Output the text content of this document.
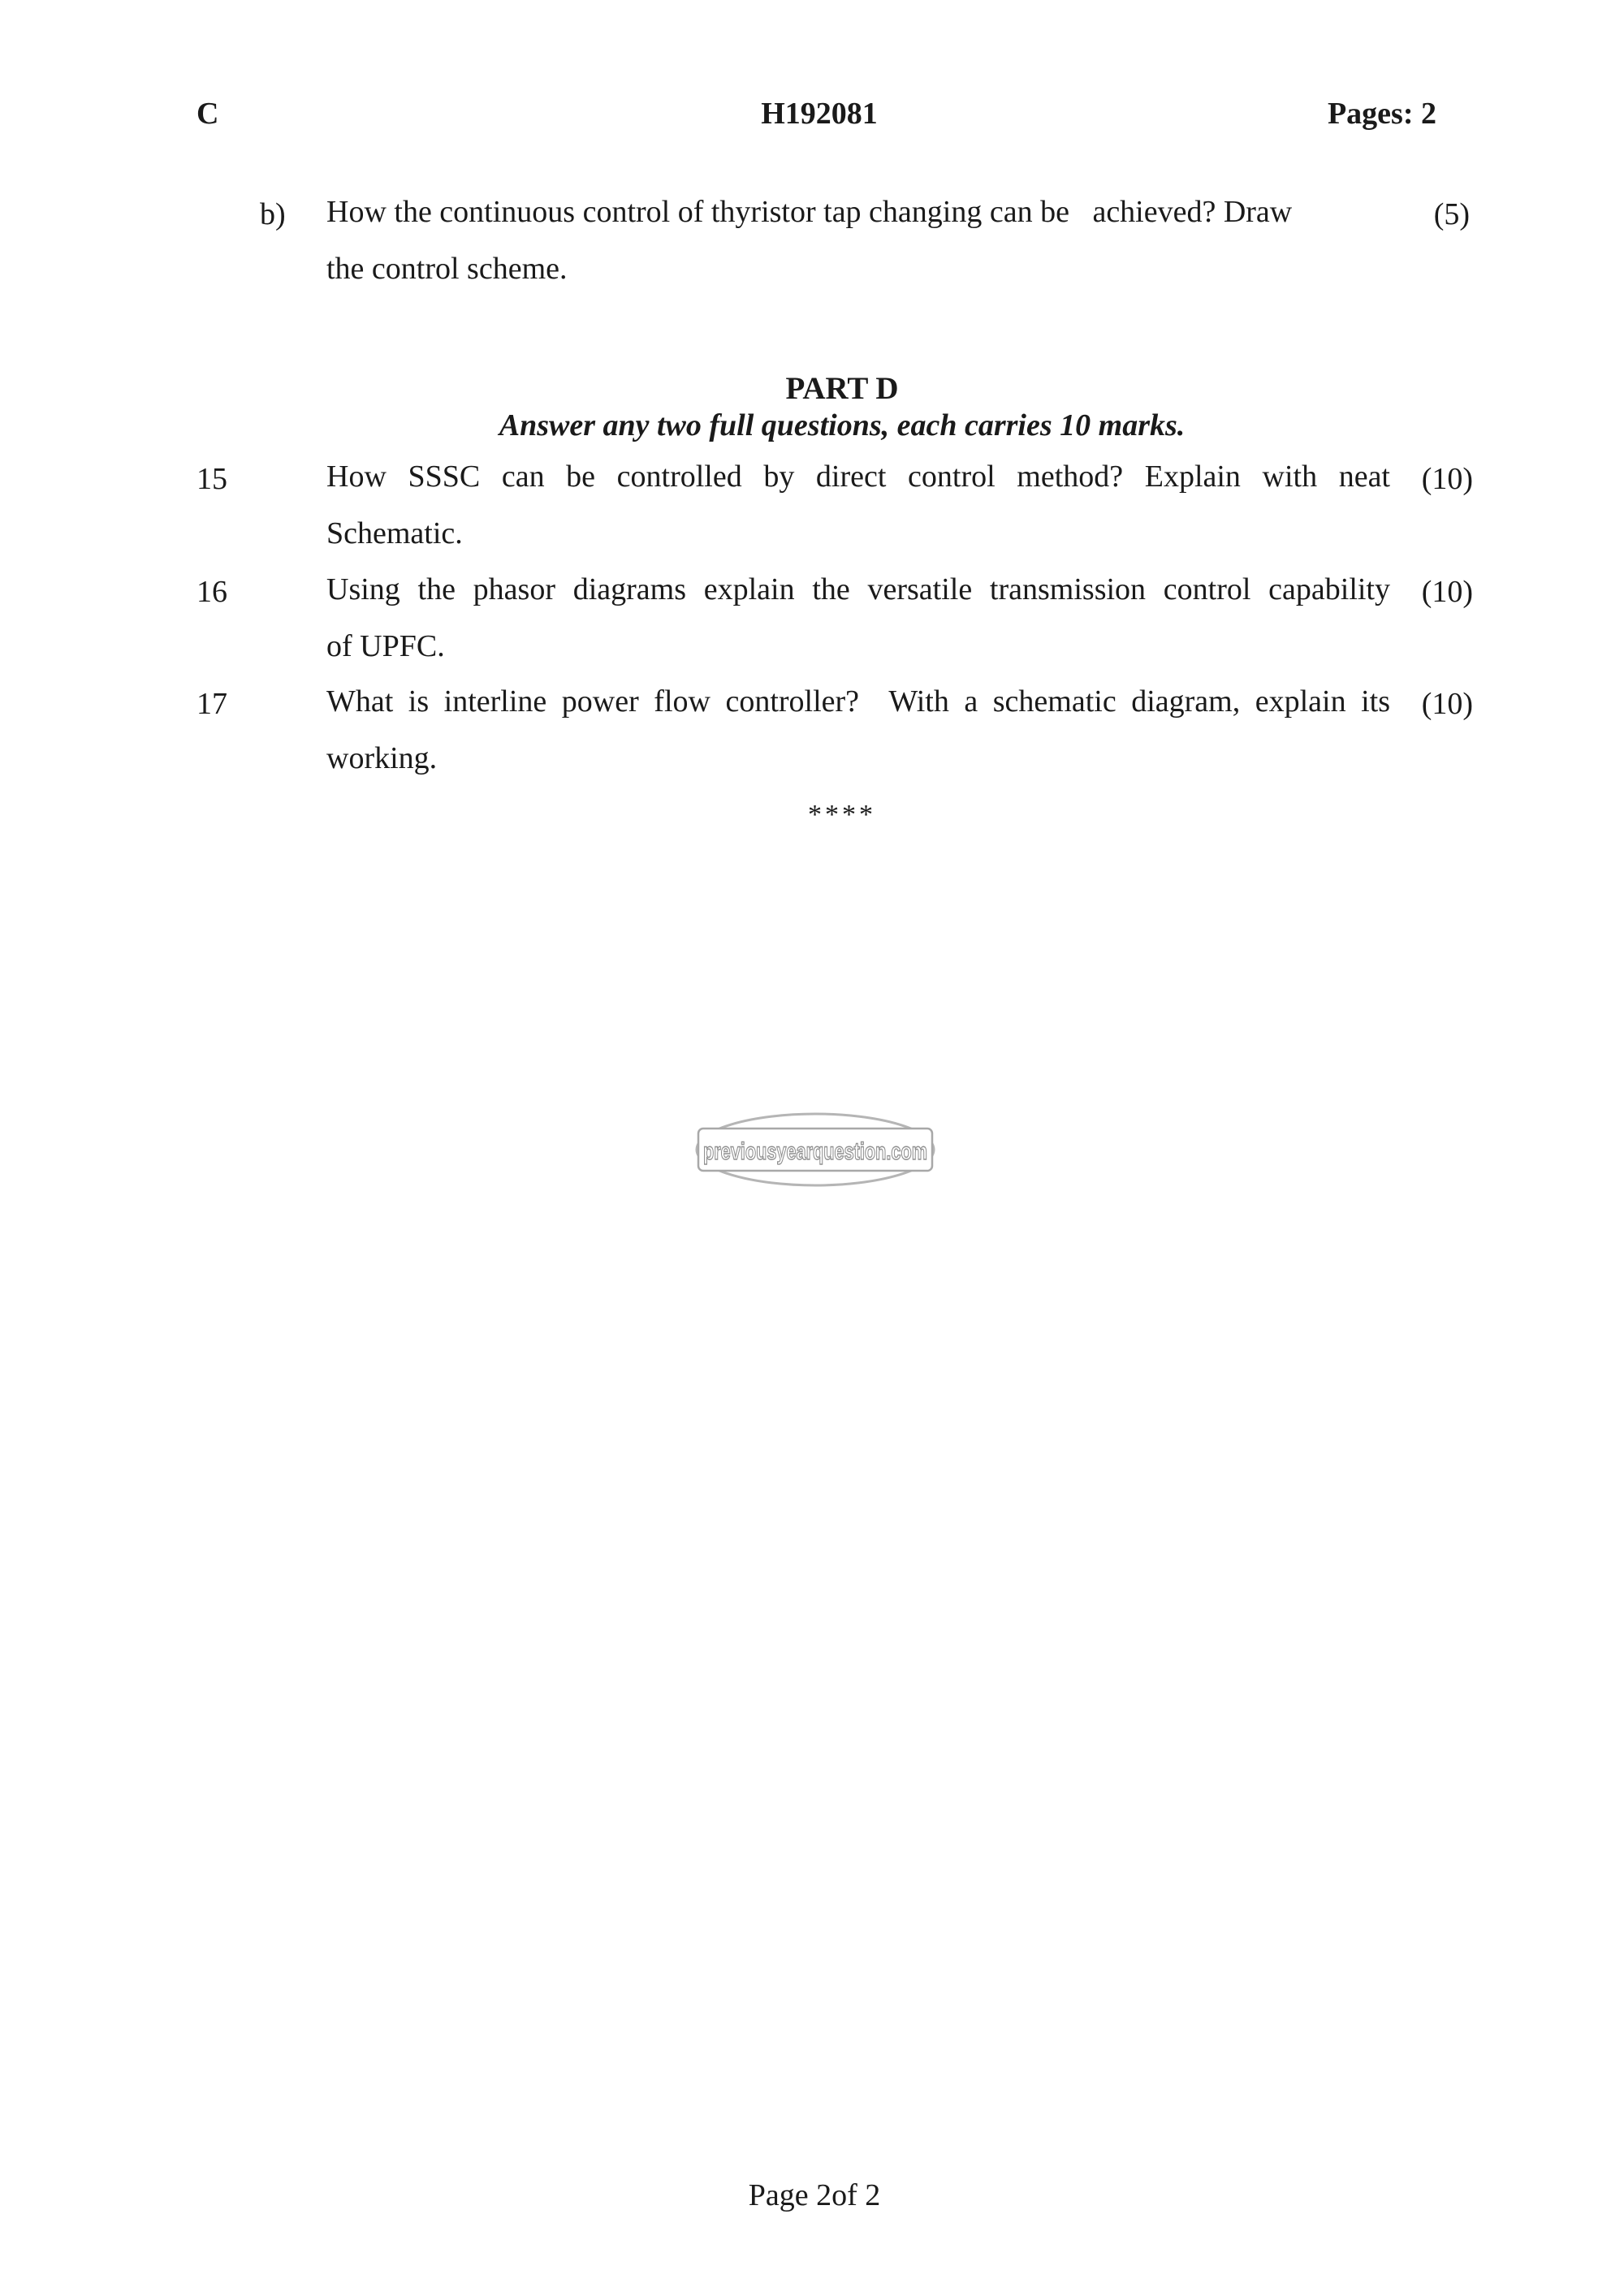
C	H192081	Pages: 2
b) How the continuous control of thyristor tap changing can be   achieved? Draw
the control scheme.
(5)
PART D
Answer any two full questions, each carries 10 marks.
15	How SSSC can be controlled by direct control method? Explain with neat
Schematic.
(10)
16	Using the phasor diagrams explain the versatile transmission control capability
of UPFC.
(10)
17	What is interline power flow controller?  With a schematic diagram, explain its
working.
(10)
****
previousyearquestion.com
Page 2of 2
